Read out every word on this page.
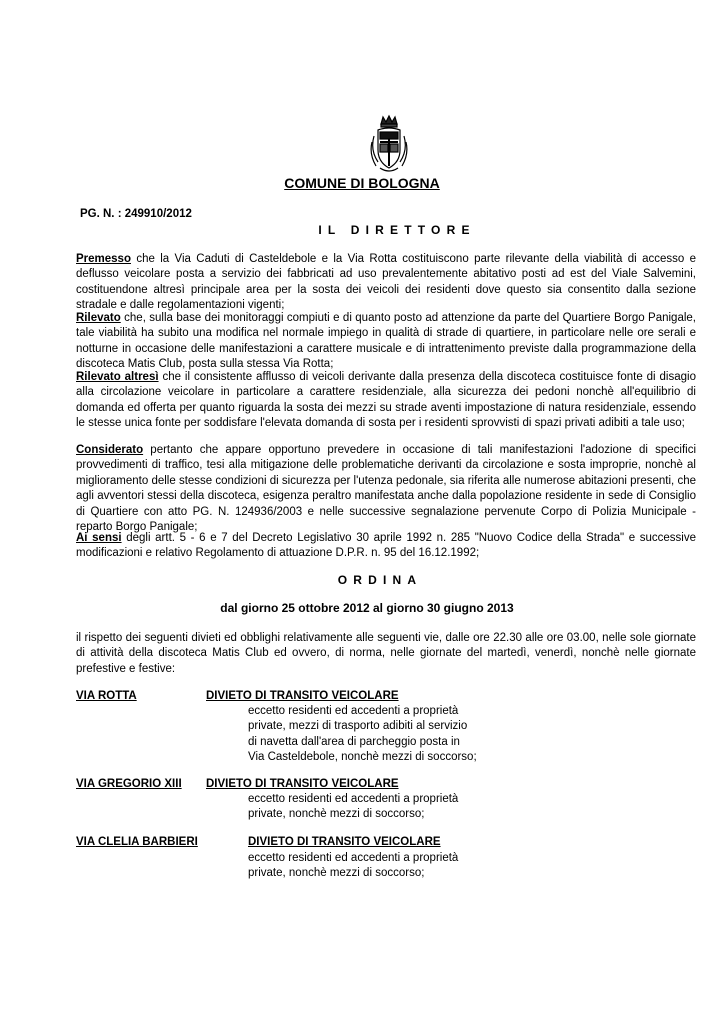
COMUNE DI BOLOGNA
PG. N. : 249910/2012
IL DIRETTORE
Premesso che la Via Caduti di Casteldebole e la Via Rotta costituiscono parte rilevante della viabilità di accesso e deflusso veicolare posta a servizio dei fabbricati ad uso prevalentemente abitativo posti ad est del Viale Salvemini, costituendone altresì principale area per la sosta dei veicoli dei residenti dove questo sia consentito dalla sezione stradale e dalle regolamentazioni vigenti;
Rilevato che, sulla base dei monitoraggi compiuti e di quanto posto ad attenzione da parte del Quartiere Borgo Panigale, tale viabilità ha subito una modifica nel normale impiego in qualità di strade di quartiere, in particolare nelle ore serali e notturne in occasione delle manifestazioni a carattere musicale e di intrattenimento previste dalla programmazione della discoteca Matis Club, posta sulla stessa Via Rotta;
Rilevato altresì che il consistente afflusso di veicoli derivante dalla presenza della discoteca costituisce fonte di disagio alla circolazione veicolare in particolare a carattere residenziale, alla sicurezza dei pedoni nonchè all'equilibrio di domanda ed offerta per quanto riguarda la sosta dei mezzi su strade aventi impostazione di natura residenziale, essendo le stesse unica fonte per soddisfare l'elevata domanda di sosta per i residenti sprovvisti di spazi privati adibiti a tale uso;
Considerato pertanto che appare opportuno prevedere in occasione di tali manifestazioni l'adozione di specifici provvedimenti di traffico, tesi alla mitigazione delle problematiche derivanti da circolazione e sosta improprie, nonchè al miglioramento delle stesse condizioni di sicurezza per l'utenza pedonale, sia riferita alle numerose abitazioni presenti, che agli avventori stessi della discoteca, esigenza peraltro manifestata anche dalla popolazione residente in sede di Consiglio di Quartiere con atto PG. N. 124936/2003 e nelle successive segnalazione pervenute Corpo di Polizia Municipale - reparto Borgo Panigale;
Ai sensi degli artt. 5 - 6 e 7 del Decreto Legislativo 30 aprile 1992 n. 285 "Nuovo Codice della Strada" e successive modificazioni e relativo Regolamento di attuazione D.P.R. n. 95 del 16.12.1992;
ORDINA
dal giorno 25 ottobre 2012 al giorno 30 giugno 2013
il rispetto dei seguenti divieti ed obblighi relativamente alle seguenti vie, dalle ore 22.30 alle ore 03.00, nelle sole giornate di attività della discoteca Matis Club ed ovvero, di norma, nelle giornate del martedì, venerdì, nonchè nelle giornate prefestive e festive:
VIA ROTTA	DIVIETO DI TRANSITO VEICOLARE
eccetto residenti ed accedenti a proprietà
private, mezzi di trasporto adibiti al servizio
di navetta dall'area di parcheggio posta in
Via Casteldebole, nonchè mezzi di soccorso;
VIA GREGORIO XIII DIVIETO DI TRANSITO VEICOLARE
eccetto residenti ed accedenti a proprietà
private, nonchè mezzi di soccorso;
VIA CLELIA BARBIERI	DIVIETO DI TRANSITO VEICOLARE
eccetto residenti ed accedenti a proprietà
private, nonchè mezzi di soccorso;
